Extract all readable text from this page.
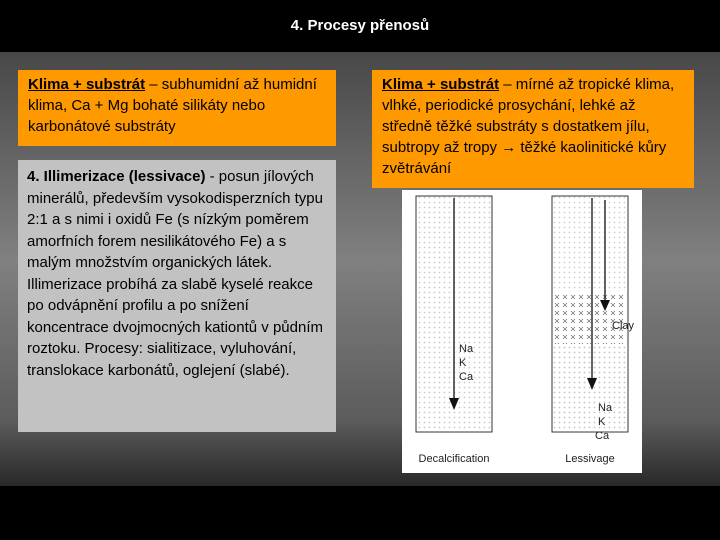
4. Procesy přenosů
Klima + substrát – subhumidní až humidní klima, Ca + Mg bohaté silikáty nebo karbonátové substráty
4. Illimerizace (lessivace) - posun jílových minerálů, především vysokodisperzních typu 2:1 a s nimi i oxidů Fe (s nízkým poměrem amorfních forem nesilikátového Fe) a s malým množstvím organických látek. Illimerizace probíhá za slabě kyselé reakce po odvápnění profilu a po snížení koncentrace dvojmocných kationtů v půdním roztoku. Procesy: sialitizace, vyluhování, translokace karbonátů, oglejení (slabé).
Klima + substrát – mírné až tropické klima, vlhké, periodické prosychání, lehké až středně těžké substráty s dostatkem jílu, subtropy až tropy → těžké kaolinitické kůry zvětrávání
Na
K
Ca
Decalcification
Clay
Na
K
Ca
Lessivage
